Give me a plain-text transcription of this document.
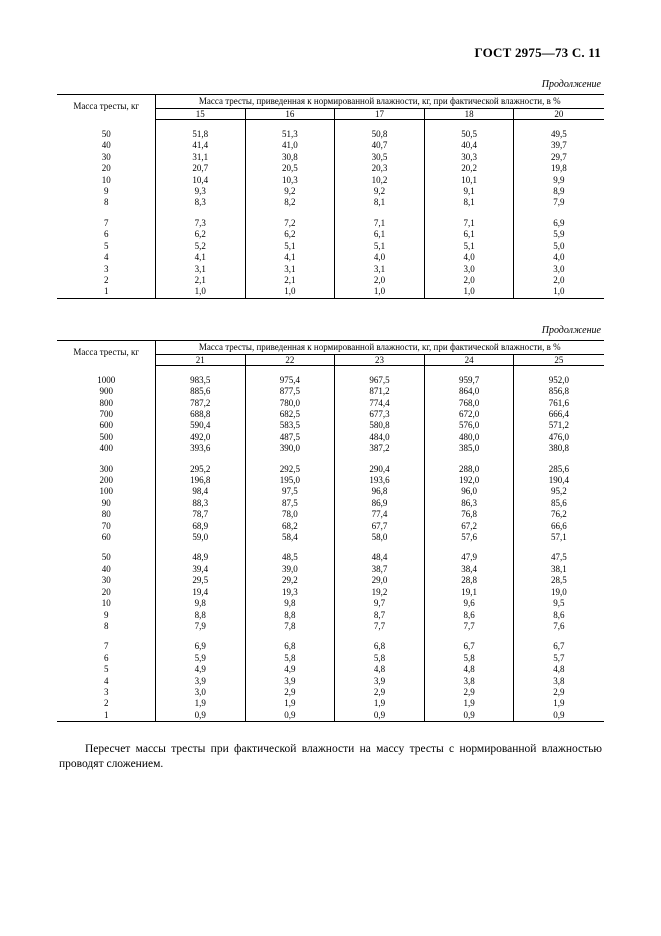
ГОСТ 2975—73 С. 11
Продолжение
Масса тресты, кг	Масса тресты, приведенная к нормированной влажности, кг, при фактической влажности, в %				
	15	16	17	18	20

50	51,8	51,3	50,8	50,5	49,5
40	41,4	41,0	40,7	40,4	39,7
30	31,1	30,8	30,5	30,3	29,7
20	20,7	20,5	20,3	20,2	19,8
10	10,4	10,3	10,2	10,1	9,9
9	9,3	9,2	9,2	9,1	8,9
8	8,3	8,2	8,1	8,1	7,9

7	7,3	7,2	7,1	7,1	6,9
6	6,2	6,2	6,1	6,1	5,9
5	5,2	5,1	5,1	5,1	5,0
4	4,1	4,1	4,0	4,0	4,0
3	3,1	3,1	3,1	3,0	3,0
2	2,1	2,1	2,0	2,0	2,0
1	1,0	1,0	1,0	1,0	1,0

Продолжение
Масса тресты, кг	Масса тресты, приведенная к нормированной влажности, кг, при фактической влажности, в %				
	21	22	23	24	25

1000	983,5	975,4	967,5	959,7	952,0
900	885,6	877,5	871,2	864,0	856,8
800	787,2	780,0	774,4	768,0	761,6
700	688,8	682,5	677,3	672,0	666,4
600	590,4	583,5	580,8	576,0	571,2
500	492,0	487,5	484,0	480,0	476,0
400	393,6	390,0	387,2	385,0	380,8

300	295,2	292,5	290,4	288,0	285,6
200	196,8	195,0	193,6	192,0	190,4
100	98,4	97,5	96,8	96,0	95,2
90	88,3	87,5	86,9	86,3	85,6
80	78,7	78,0	77,4	76,8	76,2
70	68,9	68,2	67,7	67,2	66,6
60	59,0	58,4	58,0	57,6	57,1

50	48,9	48,5	48,4	47,9	47,5
40	39,4	39,0	38,7	38,4	38,1
30	29,5	29,2	29,0	28,8	28,5
20	19,4	19,3	19,2	19,1	19,0
10	9,8	9,8	9,7	9,6	9,5
9	8,8	8,8	8,7	8,6	8,6
8	7,9	7,8	7,7	7,7	7,6

7	6,9	6,8	6,8	6,7	6,7
6	5,9	5,8	5,8	5,8	5,7
5	4,9	4,9	4,8	4,8	4,8
4	3,9	3,9	3,9	3,8	3,8
3	3,0	2,9	2,9	2,9	2,9
2	1,9	1,9	1,9	1,9	1,9
1	0,9	0,9	0,9	0,9	0,9

Пересчет массы тресты при фактической влажности на массу тресты с нормированной влажностью проводят сложением.
